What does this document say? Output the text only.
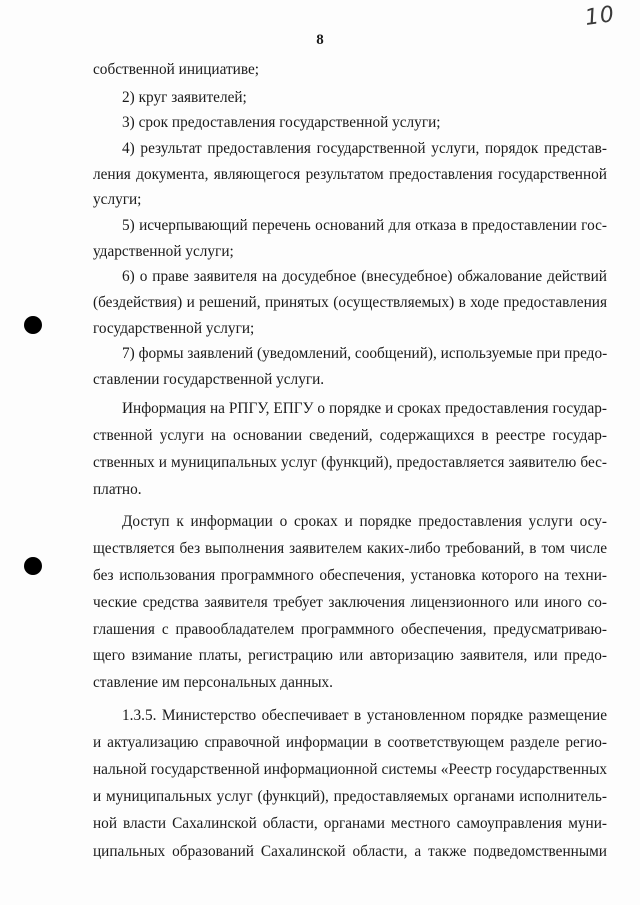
10
8
собственной инициативе;
2) круг заявителей;
3) срок предоставления государственной услуги;
4) результат предоставления государственной услуги, порядок представ-
ления документа, являющегося результатом предоставления государственной
услуги;
5) исчерпывающий перечень оснований для отказа в предоставлении гос-
ударственной услуги;
6) о праве заявителя на досудебное (внесудебное) обжалование действий
(бездействия) и решений, принятых (осуществляемых) в ходе предоставления
государственной услуги;
7) формы заявлений (уведомлений, сообщений), используемые при предо-
ставлении государственной услуги.
Информация на РПГУ, ЕПГУ о порядке и сроках предоставления государ-
ственной услуги на основании сведений, содержащихся в реестре государ-
ственных и муниципальных услуг (функций), предоставляется заявителю бес-
платно.
Доступ к информации о сроках и порядке предоставления услуги осу-
ществляется без выполнения заявителем каких-либо требований, в том числе
без использования программного обеспечения, установка которого на техни-
ческие средства заявителя требует заключения лицензионного или иного со-
глашения с правообладателем программного обеспечения, предусматриваю-
щего взимание платы, регистрацию или авторизацию заявителя, или предо-
ставление им персональных данных.
1.3.5. Министерство обеспечивает в установленном порядке размещение
и актуализацию справочной информации в соответствующем разделе регио-
нальной государственной информационной системы «Реестр государственных
и муниципальных услуг (функций), предоставляемых органами исполнитель-
ной власти Сахалинской области, органами местного самоуправления муни-
ципальных образований Сахалинской области, а также подведомственными
